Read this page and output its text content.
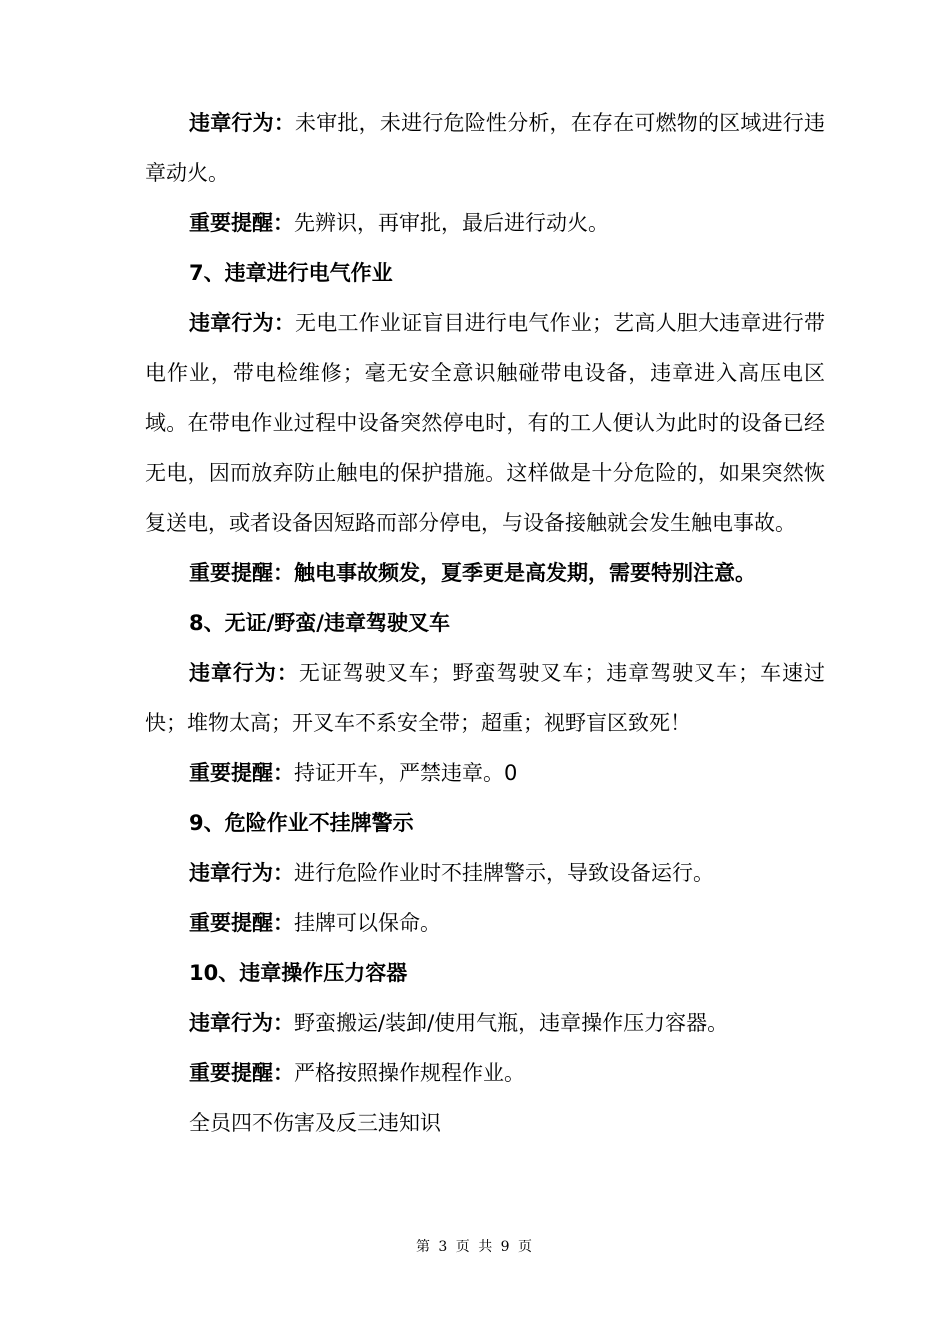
违章行为：未审批，未进行危险性分析，在存在可燃物的区域进行违章动火。

重要提醒：先辨识，再审批，最后进行动火。

7、违章进行电气作业

违章行为：无电工作业证盲目进行电气作业；艺高人胆大违章进行带电作业，带电检维修；毫无安全意识触碰带电设备，违章进入高压电区域。在带电作业过程中设备突然停电时，有的工人便认为此时的设备已经无电，因而放弃防止触电的保护措施。这样做是十分危险的，如果突然恢复送电，或者设备因短路而部分停电，与设备接触就会发生触电事故。

重要提醒：触电事故频发，夏季更是高发期，需要特别注意。

8、无证/野蛮/违章驾驶叉车

违章行为：无证驾驶叉车；野蛮驾驶叉车；违章驾驶叉车；车速过快；堆物太高；开叉车不系安全带；超重；视野盲区致死！

重要提醒：持证开车，严禁违章。0

9、危险作业不挂牌警示

违章行为：进行危险作业时不挂牌警示，导致设备运行。

重要提醒：挂牌可以保命。

10、违章操作压力容器

违章行为：野蛮搬运/装卸/使用气瓶，违章操作压力容器。

重要提醒：严格按照操作规程作业。

全员四不伤害及反三违知识

第 3 页 共 9 页
